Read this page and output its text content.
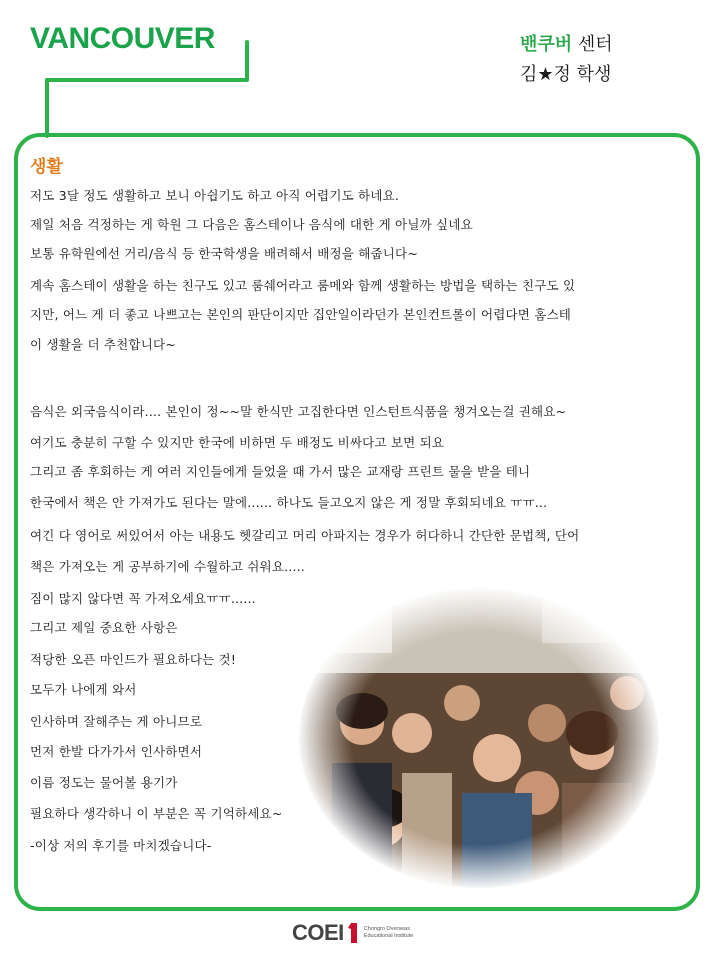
VANCOUVER	밴쿠버 센터
김★정 학생
생활
저도 3달 정도 생활하고 보니 아쉽기도 하고 아직 어렵기도 하네요.
제일 처음 걱정하는 게 학원 그 다음은 홈스테이나 음식에 대한 게 아닐까 싶네요
보통 유학원에선 거리/음식 등 한국학생을 배려해서 배정을 해줍니다~
계속 홈스테이 생활을 하는 친구도 있고 룸쉐어라고 룸메와 함께 생활하는 방법을 택하는 친구도 있
지만, 어느 게 더 좋고 나쁘고는 본인의 판단이지만 집안일이라던가 본인컨트롤이 어렵다면 홈스테
이 생활을 더 추천합니다~
음식은 외국음식이라.... 본인이 정~~말 한식만 고집한다면 인스턴트식품을 챙겨오는걸 권해요~
여기도 충분히 구할 수 있지만 한국에 비하면 두 배정도 비싸다고 보면 되요
그리고 좀 후회하는 게 여러 지인들에게 들었을 때 가서 많은 교재랑 프린트 물을 받을 테니
한국에서 책은 안 가져가도 된다는 말에...... 하나도 들고오지 않은 게 정말 후회되네요 ㅠㅠ...
여긴 다 영어로 써있어서 아는 내용도 헷갈리고 머리 아파지는 경우가 허다하니 간단한 문법책, 단어
책은 가져오는 게 공부하기에 수월하고 쉬워요.....
짐이 많지 않다면 꼭 가져오세요ㅠㅠ......
그리고 제일 중요한 사항은
적당한 오픈 마인드가 필요하다는 것!
모두가 나에게 와서
인사하며 잘해주는 게 아니므로
먼저 한발 다가가서 인사하면서
이름 정도는 물어볼 용기가
필요하다 생각하니 이 부분은 꼭 기억하세요~
-이상 저의 후기를 마치겠습니다-
COEI	Chongro Overseas
Educational Institute
